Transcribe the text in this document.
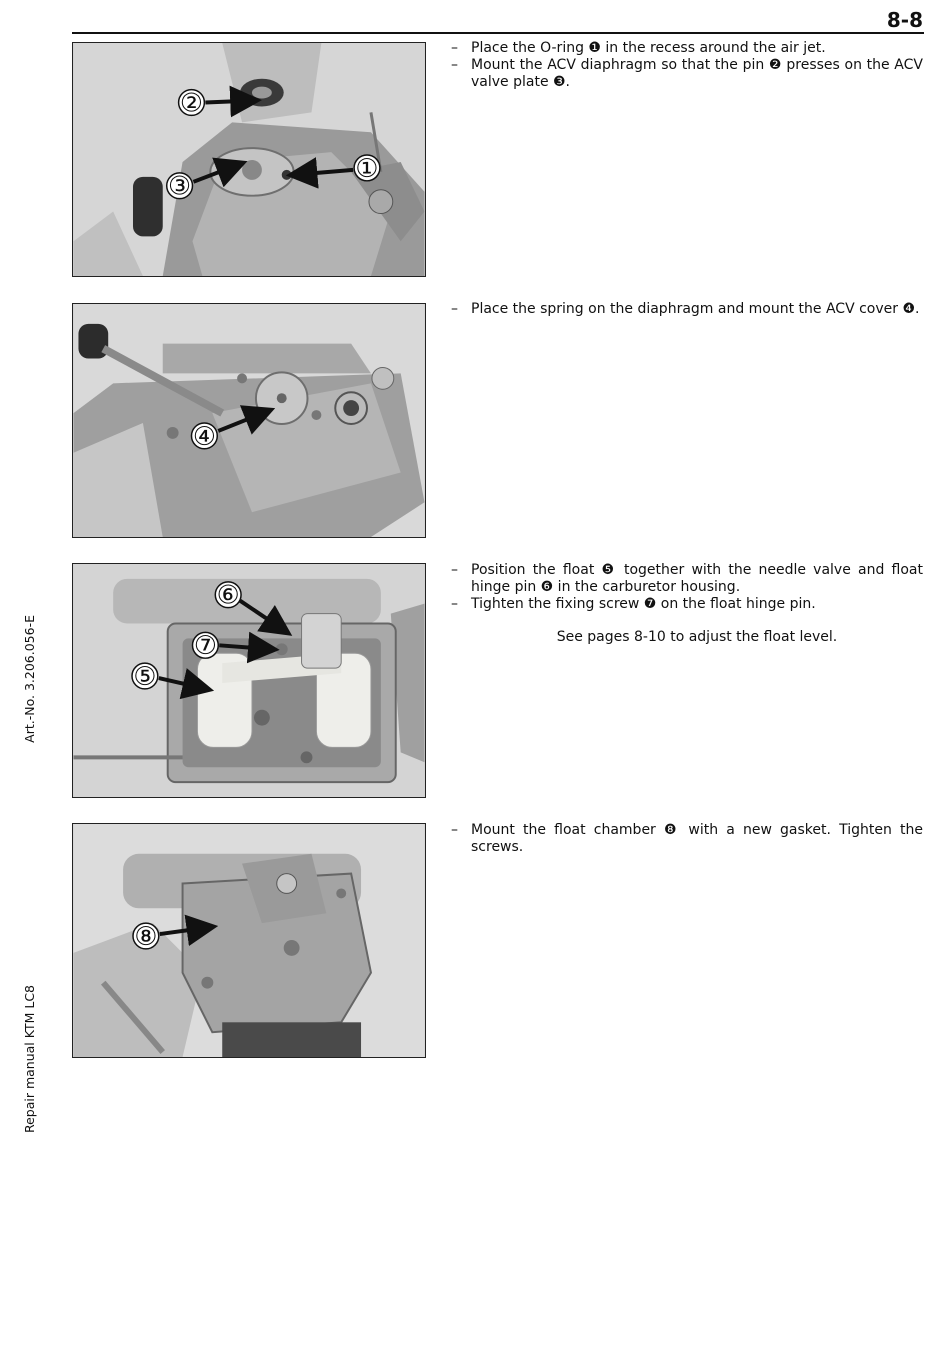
8-8
Art.-No. 3.206.056-E
Repair manual KTM LC8
②
③
①
– Place the O-ring ❶ in the recess around the air jet.
– Mount the ACV diaphragm so that the pin ❷ presses on the ACV valve plate ❸.
④
– Place the spring on the diaphragm and mount the ACV cover ❹.
⑥
⑦
⑤
– Position the float ❺ together with the needle valve and float hinge pin ❻ in the carburetor housing.
– Tighten the fixing screw ❼ on the float hinge pin.
See pages 8-10 to adjust the float level.
⑧
– Mount the float chamber ❽ with a new gasket. Tighten the screws.
